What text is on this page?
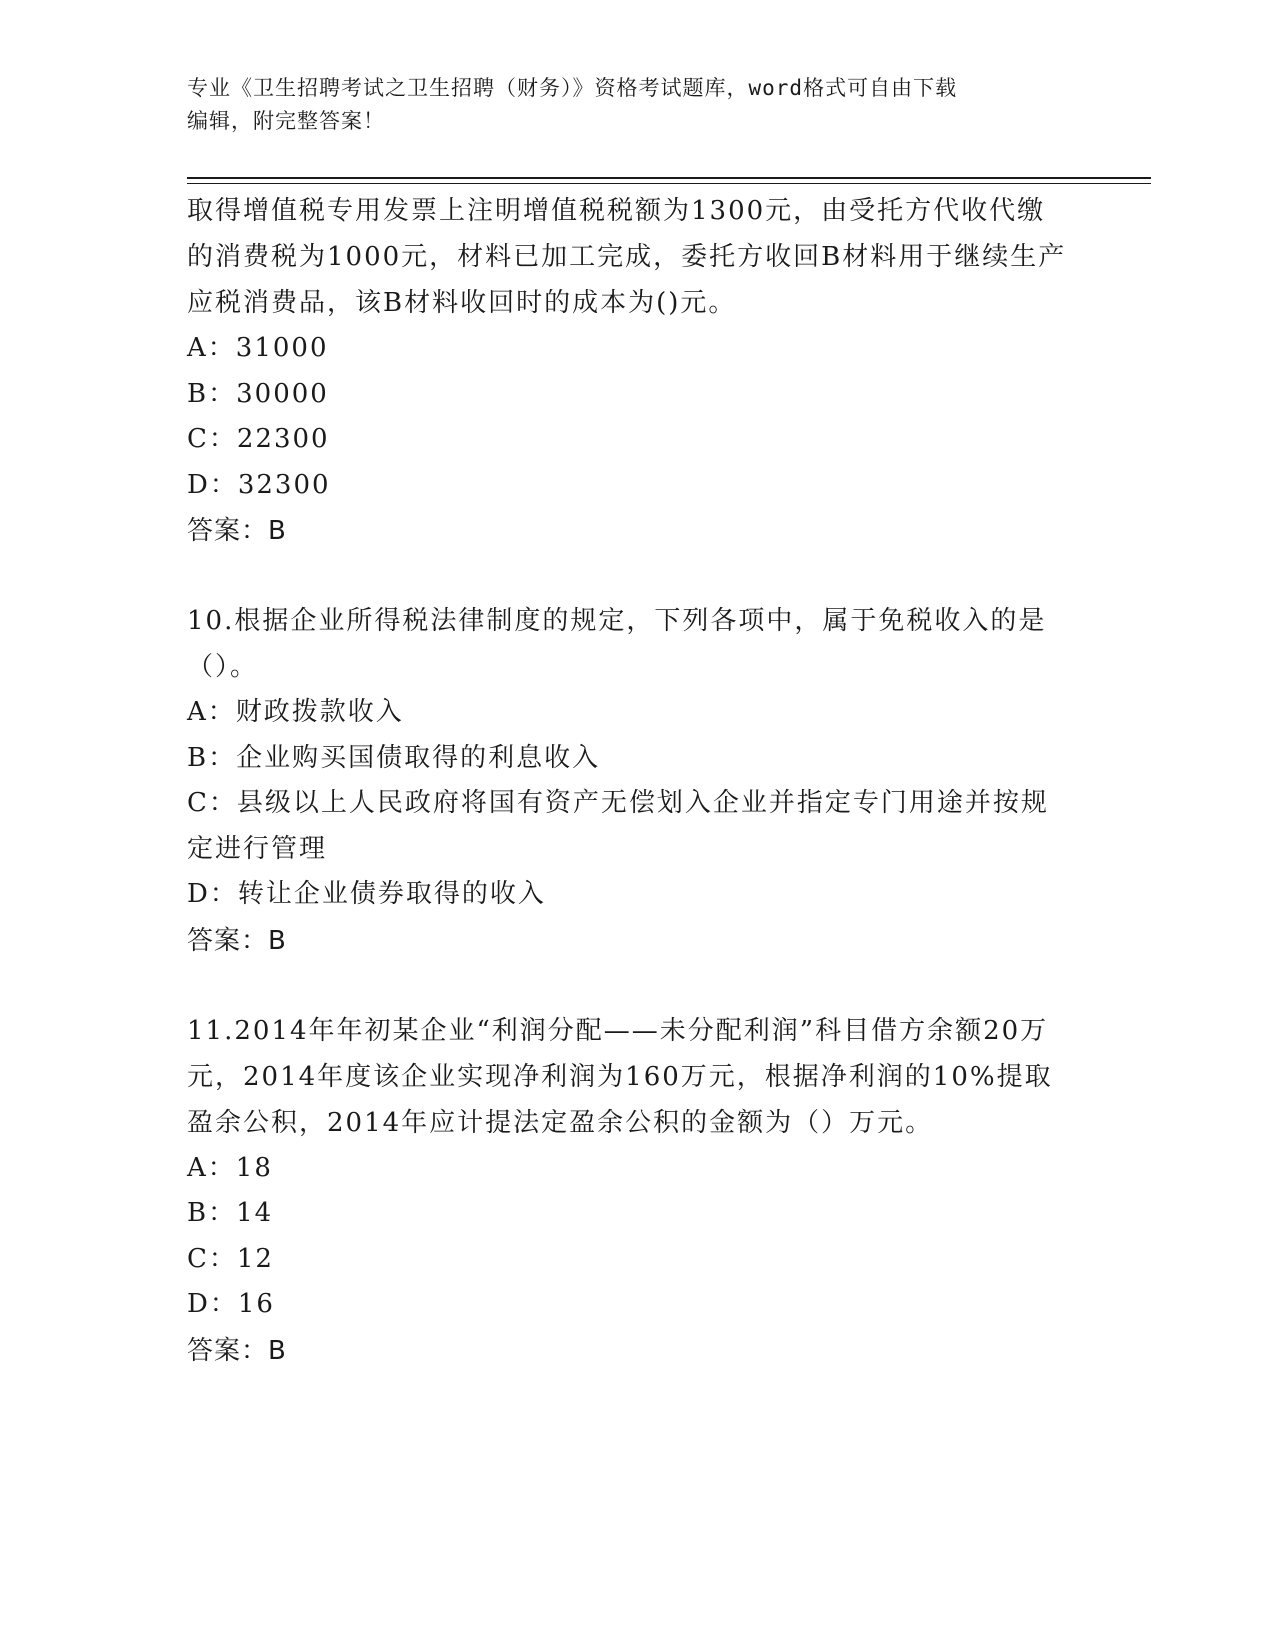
专业《卫生招聘考试之卫生招聘（财务）》资格考试题库，word格式可自由下载
编辑，附完整答案！

取得增值税专用发票上注明增值税税额为1300元，由受托方代收代缴的消费税为1000元，材料已加工完成，委托方收回B材料用于继续生产应税消费品，该B材料收回时的成本为()元。

A：31000

B：30000

C：22300

D：32300

答案：B

10.根据企业所得税法律制度的规定，下列各项中，属于免税收入的是（）。

A：财政拨款收入

B：企业购买国债取得的利息收入

C：县级以上人民政府将国有资产无偿划入企业并指定专门用途并按规定进行管理

D：转让企业债券取得的收入

答案：B

11.2014年年初某企业“利润分配——未分配利润”科目借方余额20万元，2014年度该企业实现净利润为160万元，根据净利润的10%提取盈余公积，2014年应计提法定盈余公积的金额为（）万元。

A：18

B：14

C：12

D：16

答案：B
